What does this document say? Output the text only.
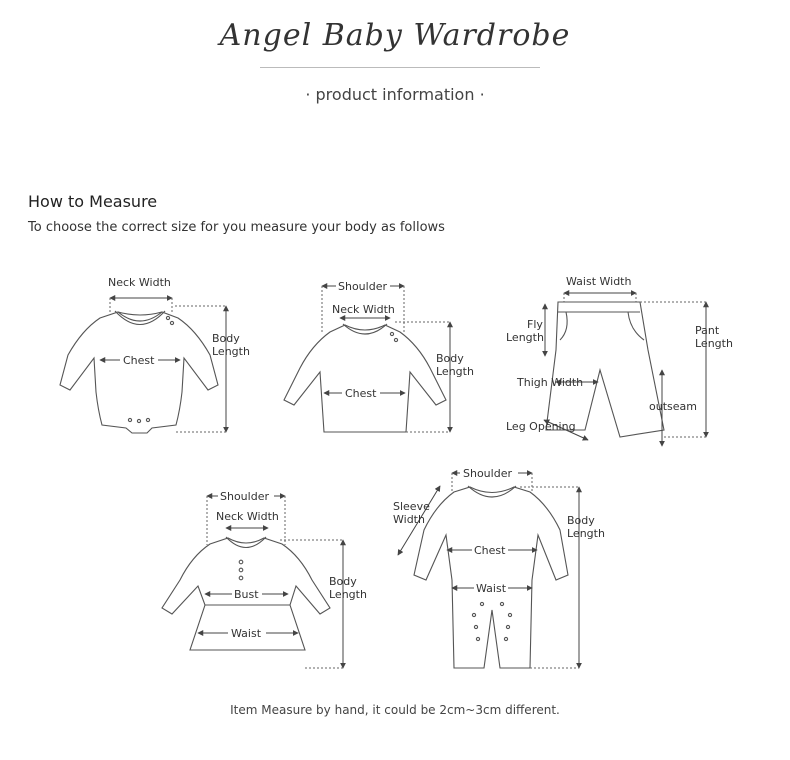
Angel Baby Wardrobe
· product information ·
How to Measure
To choose the correct size for you measure your body as follows
Neck Width
Chest
Body
Length
Shoulder
Neck Width
Chest
Body
Length
Waist Width
Fly
Length
Pant
Length
Thigh Width
outseam
Leg Opening
Shoulder
Neck Width
Bust
Waist
Body
Length
Shoulder
Sleeve
Width
Chest
Waist
Body
Length
Item Measure by hand, it could be 2cm~3cm different.
